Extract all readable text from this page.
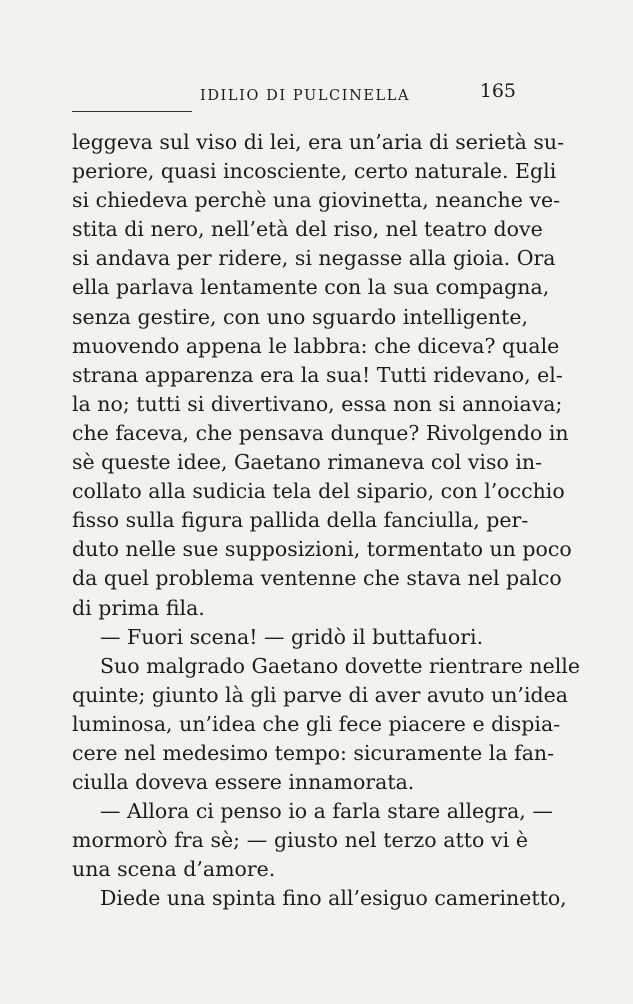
IDILIO DI PULCINELLA	165
leggeva sul viso di lei, era un’aria di serietà su-
periore, quasi incosciente, certo naturale. Egli
si chiedeva perchè una giovinetta, neanche ve-
stita di nero, nell’età del riso, nel teatro dove
si andava per ridere, si negasse alla gioia. Ora
ella parlava lentamente con la sua compagna,
senza gestire, con uno sguardo intelligente,
muovendo appena le labbra: che diceva? quale
strana apparenza era la sua! Tutti ridevano, el-
la no; tutti si divertivano, essa non si annoiava;
che faceva, che pensava dunque? Rivolgendo in
sè queste idee, Gaetano rimaneva col viso in-
collato alla sudicia tela del sipario, con l’occhio
fisso sulla figura pallida della fanciulla, per-
duto nelle sue supposizioni, tormentato un poco
da quel problema ventenne che stava nel palco
di prima fila.
— Fuori scena! — gridò il buttafuori.
Suo malgrado Gaetano dovette rientrare nelle
quinte; giunto là gli parve di aver avuto un’idea
luminosa, un’idea che gli fece piacere e dispia-
cere nel medesimo tempo: sicuramente la fan-
ciulla doveva essere innamorata.
— Allora ci penso io a farla stare allegra, —
mormorò fra sè; — giusto nel terzo atto vi è
una scena d’amore.
Diede una spinta fino all’esiguo camerinetto,
